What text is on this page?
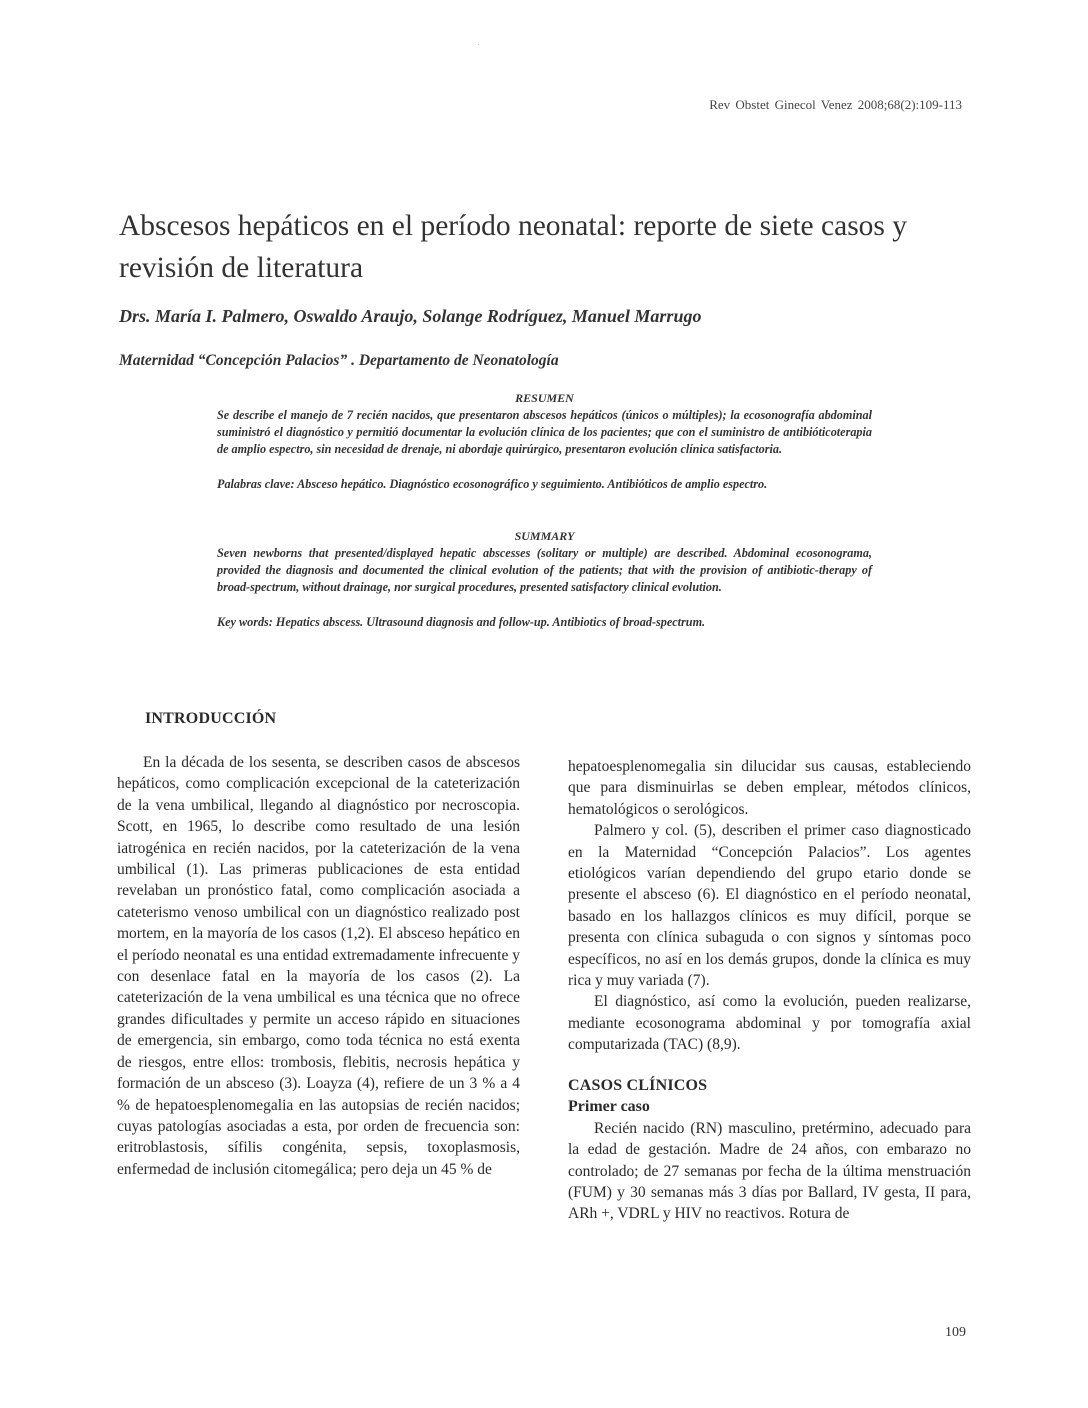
Rev Obstet Ginecol Venez 2008;68(2):109-113
Abscesos hepáticos en el período neonatal: reporte de siete casos y revisión de literatura
Drs. María I. Palmero, Oswaldo Araujo, Solange Rodríguez, Manuel Marrugo
Maternidad “Concepción Palacios” . Departamento de Neonatología

RESUMEN

Se describe el manejo de 7 recién nacidos, que presentaron abscesos hepáticos (únicos o múltiples); la ecosonografía abdominal suministró el diagnóstico y permitió documentar la evolución clínica de los pacientes; que con el suministro de antibióticoterapia de amplio espectro, sin necesidad de drenaje, ni abordaje quirúrgico, presentaron evolución clínica satisfactoria.

Palabras clave: Absceso hepático. Diagnóstico ecosonográfico y seguimiento. Antibióticos de amplio espectro.

SUMMARY

Seven newborns that presented/displayed hepatic abscesses (solitary or multiple) are described. Abdominal ecosonograma, provided the diagnosis and documented the clinical evolution of the patients; that with the provision of antibiotic-therapy of broad-spectrum, without drainage, nor surgical procedures, presented satisfactory clinical evolution.

Key words: Hepatics abscess. Ultrasound diagnosis and follow-up. Antibiotics of broad-spectrum.

INTRODUCCIÓN

En la década de los sesenta, se describen casos de abscesos hepáticos, como complicación excepcional de la cateterización de la vena umbilical, llegando al diagnóstico por necroscopia. Scott, en 1965, lo describe como resultado de una lesión iatrogénica en recién nacidos, por la cateterización de la vena umbilical (1). Las primeras publicaciones de esta entidad revelaban un pronóstico fatal, como complicación asociada a cateterismo venoso umbilical con un diagnóstico realizado post mortem, en la mayoría de los casos (1,2). El absceso hepático en el período neonatal es una entidad extremadamente infrecuente y con desenlace fatal en la mayoría de los casos (2). La cateterización de la vena umbilical es una técnica que no ofrece grandes dificultades y permite un acceso rápido en situaciones de emergencia, sin embargo, como toda técnica no está exenta de riesgos, entre ellos: trombosis, flebitis, necrosis hepática y formación de un absceso (3). Loayza (4), refiere de un 3 % a 4 % de hepatoesplenomegalia en las autopsias de recién nacidos; cuyas patologías asociadas a esta, por orden de frecuencia son: eritroblastosis, sífilis congénita, sepsis, toxoplasmosis, enfermedad de inclusión citomegálica; pero deja un 45 % de

hepatoesplenomegalia sin dilucidar sus causas, estableciendo que para disminuirlas se deben emplear, métodos clínicos, hematológicos o serológicos.

Palmero y col. (5), describen el primer caso diagnosticado en la Maternidad “Concepción Palacios”. Los agentes etiológicos varían dependiendo del grupo etario donde se presente el absceso (6). El diagnóstico en el período neonatal, basado en los hallazgos clínicos es muy difícil, porque se presenta con clínica subaguda o con signos y síntomas poco específicos, no así en los demás grupos, donde la clínica es muy rica y muy variada (7).

El diagnóstico, así como la evolución, pueden realizarse, mediante ecosonograma abdominal y por tomografía axial computarizada (TAC) (8,9).

CASOS CLÍNICOS

Primer caso

Recién nacido (RN) masculino, pretérmino, adecuado para la edad de gestación. Madre de 24 años, con embarazo no controlado; de 27 semanas por fecha de la última menstruación (FUM) y 30 semanas más 3 días por Ballard, IV gesta, II para, ARh +, VDRL y HIV no reactivos. Rotura de

109
